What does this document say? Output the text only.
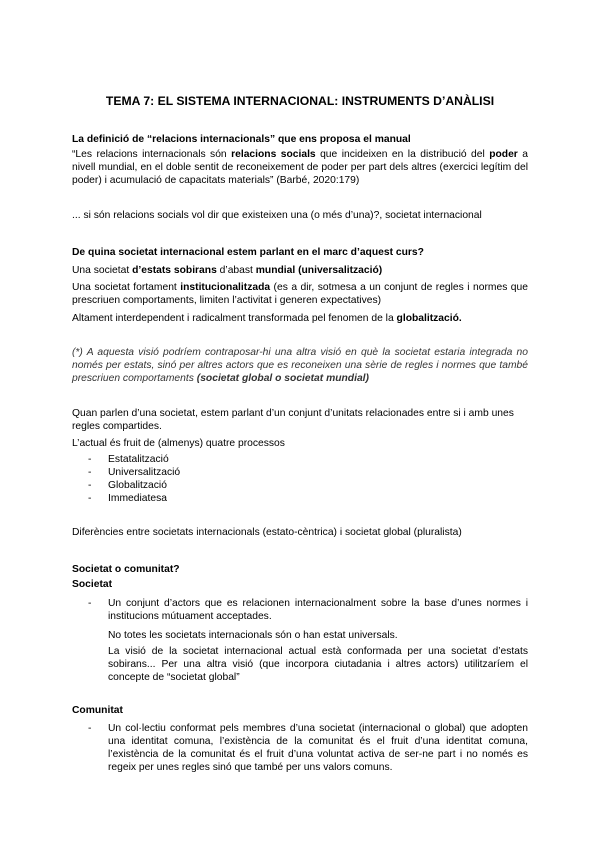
TEMA 7: EL SISTEMA INTERNACIONAL: INSTRUMENTS D’ANÀLISI

La definició de “relacions internacionals” que ens proposa el manual

“Les relacions internacionals són relacions socials que incideixen en la distribució del poder a nivell mundial, en el doble sentit de reconeixement de poder per part dels altres (exercici legítim del poder) i acumulació de capacitats materials” (Barbé, 2020:179)

... si són relacions socials vol dir que existeixen una (o més d’una)?, societat internacional

De quina societat internacional estem parlant en el marc d’aquest curs?

Una societat d’estats sobirans d’abast mundial (universalització)

Una societat fortament institucionalitzada (es a dir, sotmesa a un conjunt de regles i normes que prescriuen comportaments, limiten l’activitat i generen expectatives)

Altament interdependent i radicalment transformada pel fenomen de la globalització.

(*) A aquesta visió podríem contraposar-hi una altra visió en què la societat estaria integrada no només per estats, sinó per altres actors que es reconeixen una sèrie de regles i normes que també prescriuen comportaments (societat global o societat mundial)

Quan parlen d’una societat, estem parlant d’un conjunt d’unitats relacionades entre si i amb unes regles compartides.

L’actual és fruit de (almenys) quatre processos

- Estatalització
- Universalització
- Globalització
- Immediatesa

Diferències entre societats internacionals (estato-cèntrica) i societat global (pluralista)

Societat o comunitat?

Societat

- Un conjunt d’actors que es relacionen internacionalment sobre la base d’unes normes i institucions mútuament acceptades.

No totes les societats internacionals són o han estat universals.

La visió de la societat internacional actual està conformada per una societat d’estats sobirans... Per una altra visió (que incorpora ciutadania i altres actors) utilitzaríem el concepte de “societat global”

Comunitat

- Un col·lectiu conformat pels membres d’una societat (internacional o global) que adopten una identitat comuna, l’existència de la comunitat és el fruit d’una identitat comuna, l’existència de la comunitat és el fruit d’una voluntat activa de ser-ne part i no només es regeix per unes regles sinó que també per uns valors comuns.
